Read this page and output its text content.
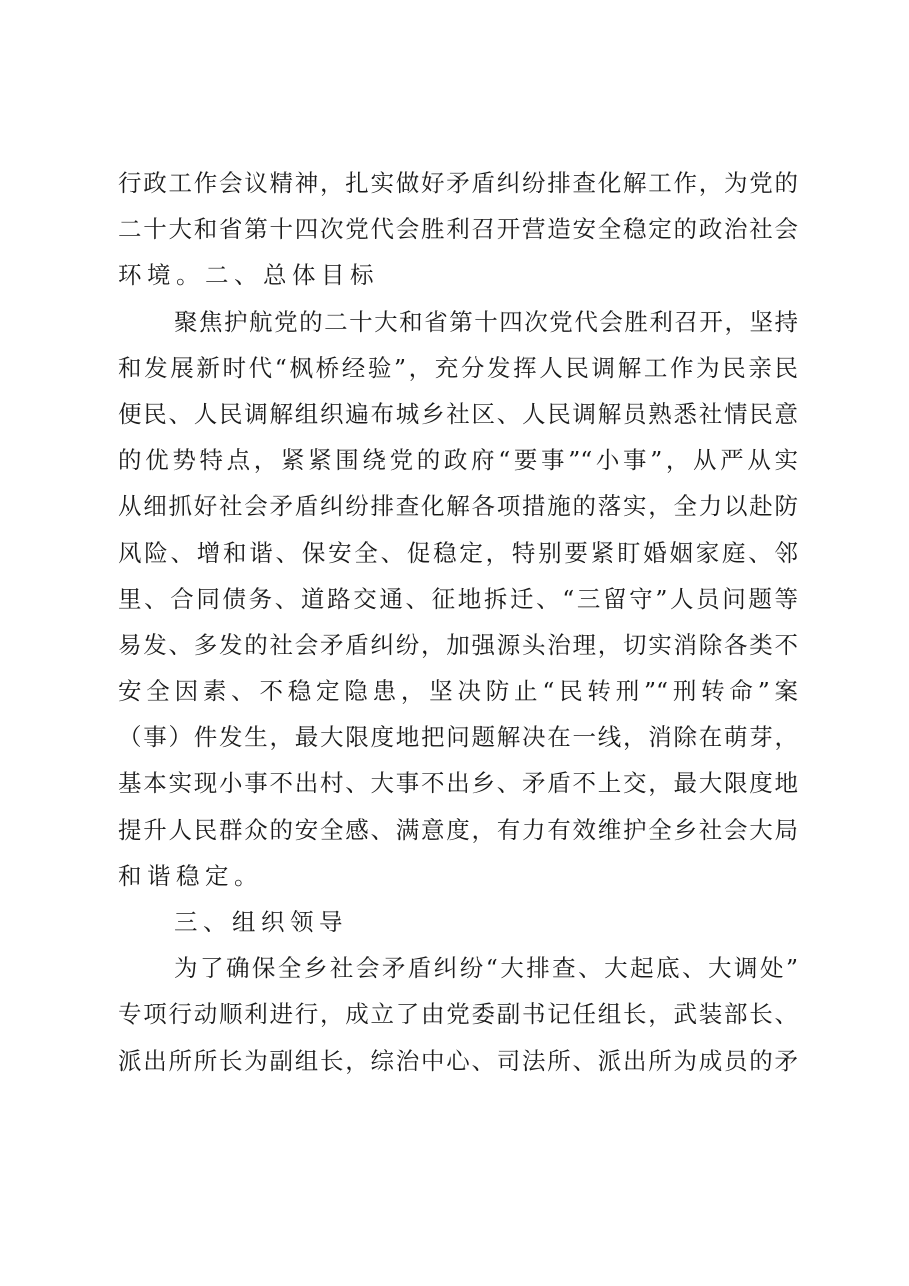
行政工作会议精神，扎实做好矛盾纠纷排查化解工作，为党的
二十大和省第十四次党代会胜利召开营造安全稳定的政治社会
环境。二、总体目标
聚焦护航党的二十大和省第十四次党代会胜利召开，坚持
和发展新时代“枫桥经验”，充分发挥人民调解工作为民亲民
便民、人民调解组织遍布城乡社区、人民调解员熟悉社情民意
的优势特点，紧紧围绕党的政府“要事”“小事”，从严从实
从细抓好社会矛盾纠纷排查化解各项措施的落实，全力以赴防
风险、增和谐、保安全、促稳定，特别要紧盯婚姻家庭、邻
里、合同债务、道路交通、征地拆迁、“三留守”人员问题等
易发、多发的社会矛盾纠纷，加强源头治理，切实消除各类不
安全因素、不稳定隐患，坚决防止“民转刑”“刑转命”案
（事）件发生，最大限度地把问题解决在一线，消除在萌芽，
基本实现小事不出村、大事不出乡、矛盾不上交，最大限度地
提升人民群众的安全感、满意度，有力有效维护全乡社会大局
和谐稳定。
三、组织领导
为了确保全乡社会矛盾纠纷“大排查、大起底、大调处”
专项行动顺利进行，成立了由党委副书记任组长，武装部长、
派出所所长为副组长，综治中心、司法所、派出所为成员的矛
